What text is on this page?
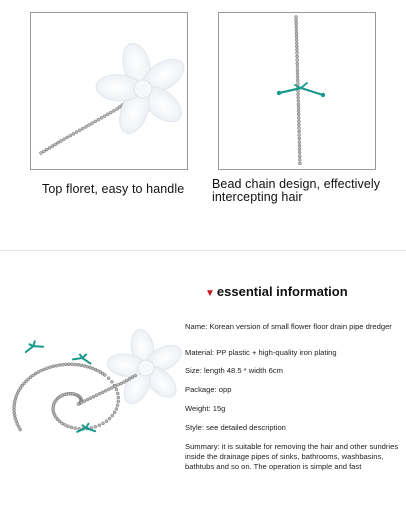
Top floret, easy to handle	Bead chain design, effectively intercepting hair
▼ essential information
Name: Korean version of small flower floor drain pipe dredger
Material: PP plastic + high-quality iron plating
Size: length 48.5 * width 6cm
Package: opp
Weight: 15g
Style: see detailed description
Summary: it is suitable for removing the hair and other sundries inside the drainage pipes of sinks, bathrooms, washbasins, bathtubs and so on. The operation is simple and fast
